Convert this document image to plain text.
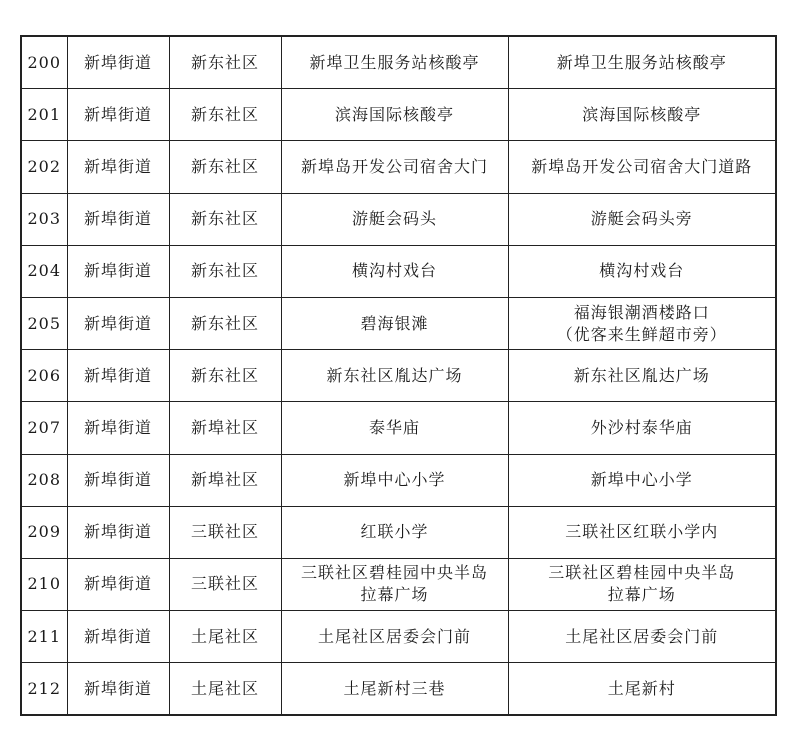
200	新埠街道	新东社区	新埠卫生服务站核酸亭	新埠卫生服务站核酸亭

201	新埠街道	新东社区	滨海国际核酸亭	滨海国际核酸亭

202	新埠街道	新东社区	新埠岛开发公司宿舍大门	新埠岛开发公司宿舍大门道路

203	新埠街道	新东社区	游艇会码头	游艇会码头旁

204	新埠街道	新东社区	横沟村戏台	横沟村戏台

205	新埠街道	新东社区	碧海银滩	福海银潮酒楼路口
（优客来生鲜超市旁）

206	新埠街道	新东社区	新东社区胤达广场	新东社区胤达广场

207	新埠街道	新埠社区	泰华庙	外沙村泰华庙

208	新埠街道	新埠社区	新埠中心小学	新埠中心小学

209	新埠街道	三联社区	红联小学	三联社区红联小学内

210	新埠街道	三联社区	三联社区碧桂园中央半岛
拉幕广场	三联社区碧桂园中央半岛
拉幕广场

211	新埠街道	土尾社区	土尾社区居委会门前	土尾社区居委会门前

212	新埠街道	土尾社区	土尾新村三巷	土尾新村
